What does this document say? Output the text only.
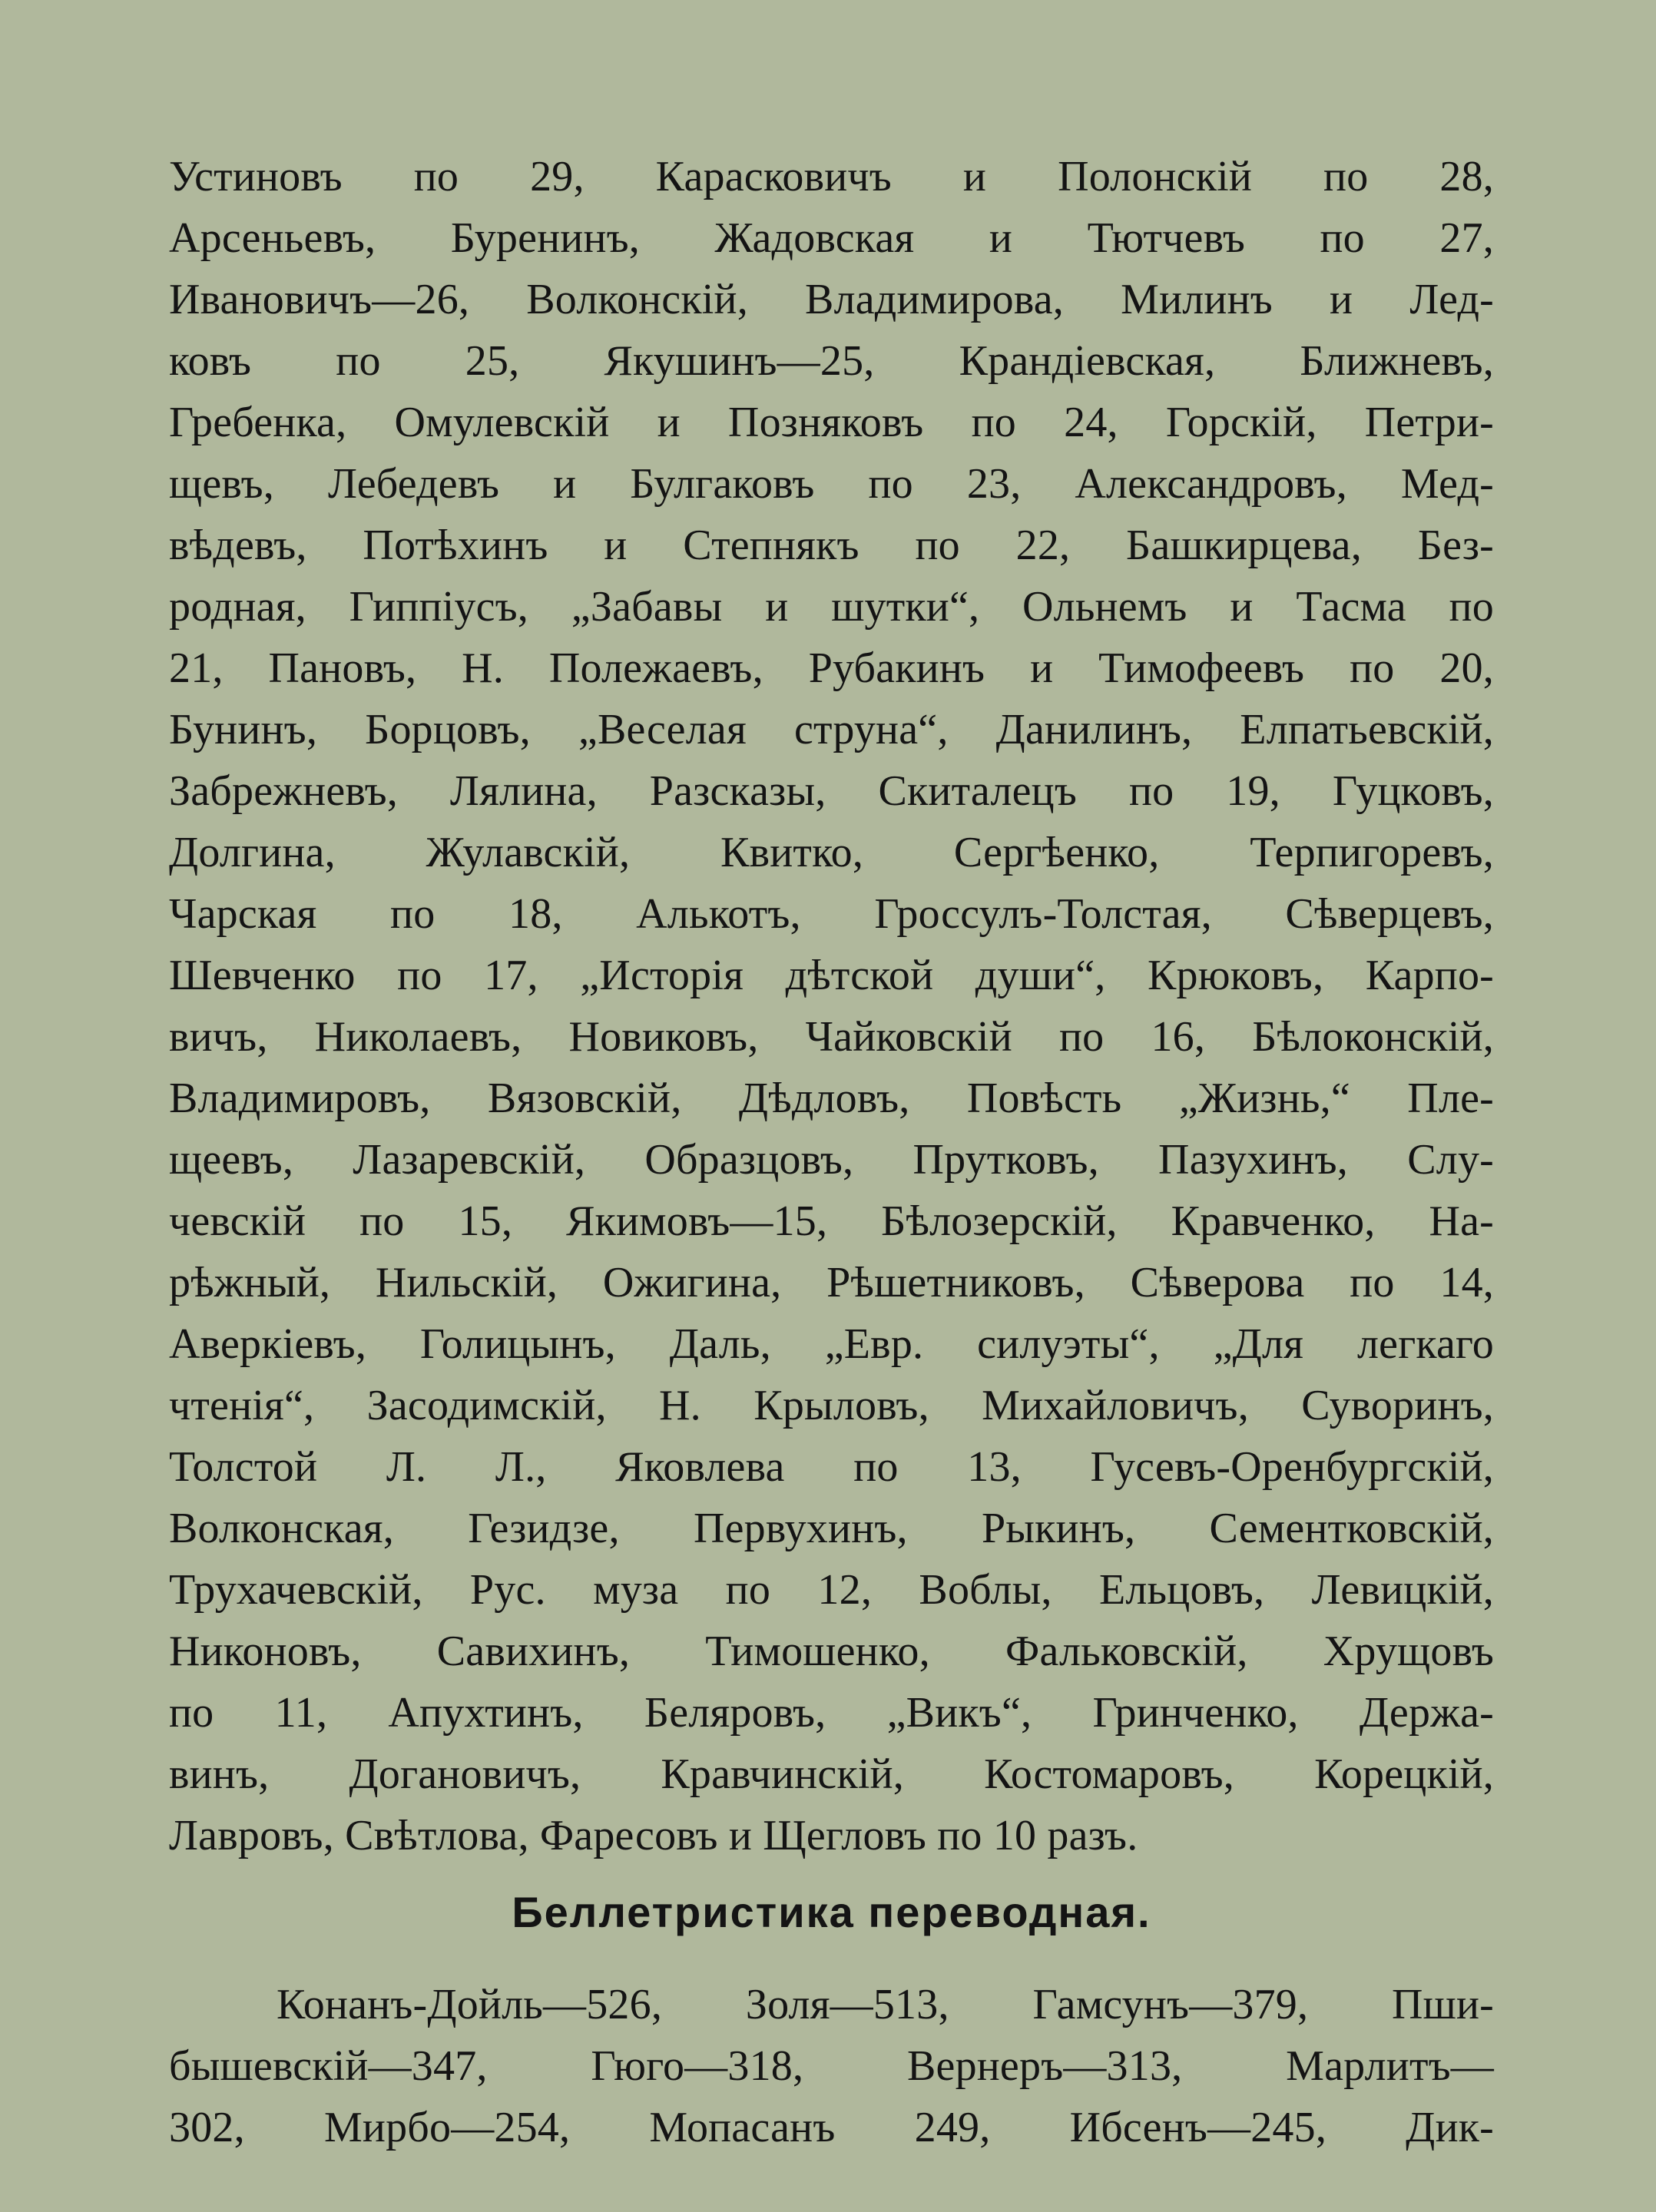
Устиновъ по 29, Карасковичъ и Полонскій по 28,
Арсеньевъ, Буренинъ, Жадовская и Тютчевъ по 27,
Ивановичъ—26, Волконскій, Владимирова, Милинъ и Лед-
ковъ по 25, Якушинъ—25, Крандіевская, Ближневъ,
Гребенка, Омулевскій и Позняковъ по 24, Горскій, Петри-
щевъ, Лебедевъ и Булгаковъ по 23, Александровъ, Мед-
вѣдевъ, Потѣхинъ и Степнякъ по 22, Башкирцева, Без-
родная, Гиппіусъ, „Забавы и шутки“, Ольнемъ и Тасма по
21, Пановъ, Н. Полежаевъ, Рубакинъ и Тимофеевъ по 20,
Бунинъ, Борцовъ, „Веселая струна“, Данилинъ, Елпатьевскій,
Забрежневъ, Лялина, Разсказы, Скиталецъ по 19, Гуцковъ,
Долгина, Жулавскій, Квитко, Сергѣенко, Терпигоревъ,
Чарская по 18, Алькотъ, Гроссулъ-Толстая, Сѣверцевъ,
Шевченко по 17, „Исторія дѣтской души“, Крюковъ, Карпо-
вичъ, Николаевъ, Новиковъ, Чайковскій по 16, Бѣлоконскій,
Владимировъ, Вязовскій, Дѣдловъ, Повѣсть „Жизнь,“ Пле-
щеевъ, Лазаревскій, Образцовъ, Прутковъ, Пазухинъ, Слу-
чевскій по 15, Якимовъ—15, Бѣлозерскій, Кравченко, На-
рѣжный, Нильскій, Ожигина, Рѣшетниковъ, Сѣверова по 14,
Аверкіевъ, Голицынъ, Даль, „Евр. силуэты“, „Для легкаго
чтенія“, Засодимскій, Н. Крыловъ, Михайловичъ, Суворинъ,
Толстой Л. Л., Яковлева по 13, Гусевъ-Оренбургскій,
Волконская, Гезидзе, Первухинъ, Рыкинъ, Сементковскій,
Трухачевскій, Рус. муза по 12, Воблы, Ельцовъ, Левицкій,
Никоновъ, Савихинъ, Тимошенко, Фальковскій, Хрущовъ
по 11, Апухтинъ, Беляровъ, „Викъ“, Гринченко, Держа-
винъ, Догановичъ, Кравчинскій, Костомаровъ, Корецкій,
Лавровъ, Свѣтлова, Фаресовъ и Щегловъ по 10 разъ.
Беллетристика переводная.
Конанъ-Дойль—526, Золя—513, Гамсунъ—379, Пши-
бышевскій—347, Гюго—318, Вернеръ—313, Марлитъ—
302, Мирбо—254, Мопасанъ 249, Ибсенъ—245, Дик-
